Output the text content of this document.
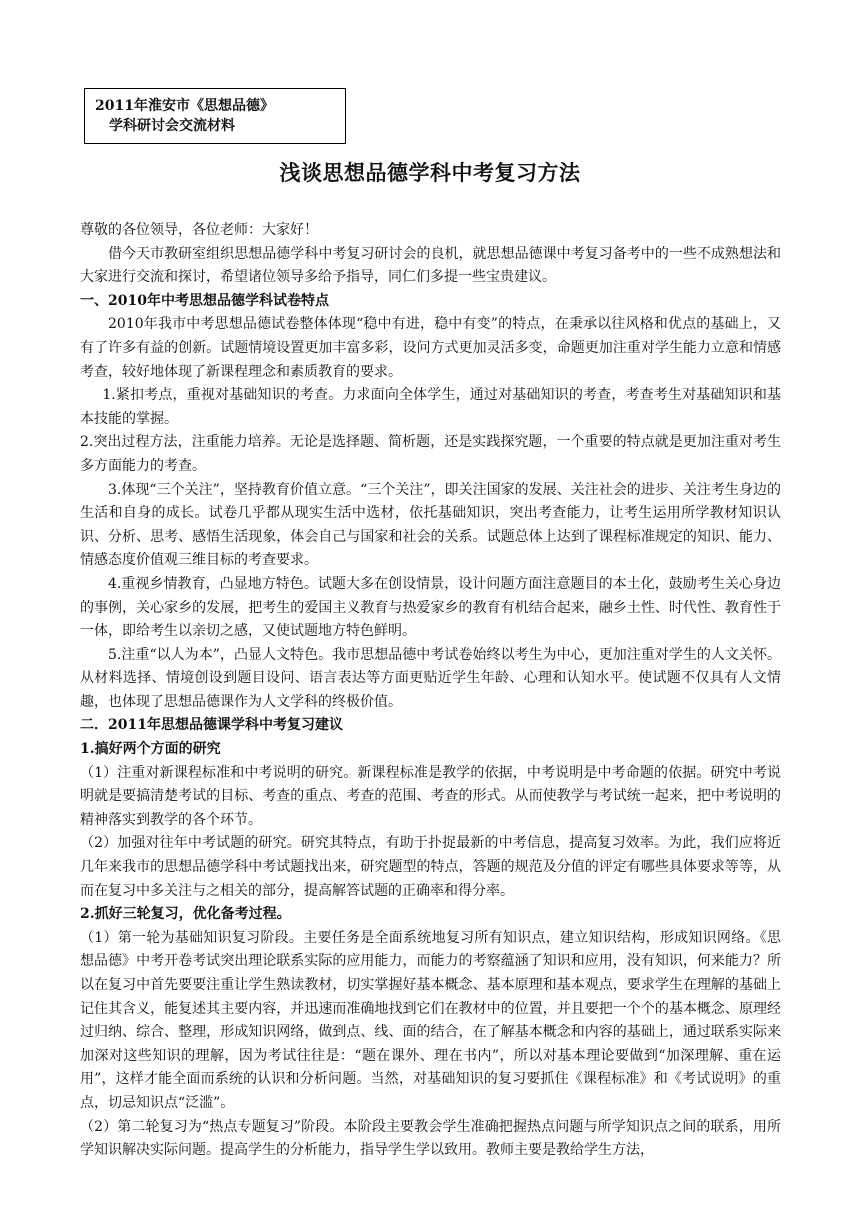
2011年淮安市《思想品德》
学科研讨会交流材料
浅谈思想品德学科中考复习方法

尊敬的各位领导，各位老师：大家好！

借今天市教研室组织思想品德学科中考复习研讨会的良机，就思想品德课中考复习备考中的一些不成熟想法和大家进行交流和探讨，希望诸位领导多给予指导，同仁们多提一些宝贵建议。

一、2010年中考思想品德学科试卷特点

2010年我市中考思想品德试卷整体体现“稳中有进，稳中有变”的特点，在秉承以往风格和优点的基础上，又有了许多有益的创新。试题情境设置更加丰富多彩，设问方式更加灵活多变，命题更加注重对学生能力立意和情感考查，较好地体现了新课程理念和素质教育的要求。

1.紧扣考点，重视对基础知识的考查。力求面向全体学生，通过对基础知识的考查，考查考生对基础知识和基本技能的掌握。

2.突出过程方法，注重能力培养。无论是选择题、简析题，还是实践探究题，一个重要的特点就是更加注重对考生多方面能力的考查。

3.体现“三个关注”，坚持教育价值立意。“三个关注”，即关注国家的发展、关注社会的进步、关注考生身边的生活和自身的成长。试卷几乎都从现实生活中选材，依托基础知识，突出考查能力，让考生运用所学教材知识认识、分析、思考、感悟生活现象，体会自己与国家和社会的关系。试题总体上达到了课程标准规定的知识、能力、情感态度价值观三维目标的考查要求。

4.重视乡情教育，凸显地方特色。试题大多在创设情景，设计问题方面注意题目的本土化，鼓励考生关心身边的事例，关心家乡的发展，把考生的爱国主义教育与热爱家乡的教育有机结合起来，融乡土性、时代性、教育性于一体，即给考生以亲切之感，又使试题地方特色鲜明。

5.注重“以人为本”，凸显人文特色。我市思想品德中考试卷始终以考生为中心，更加注重对学生的人文关怀。从材料选择、情境创设到题目设问、语言表达等方面更贴近学生年龄、心理和认知水平。使试题不仅具有人文情趣，也体现了思想品德课作为人文学科的终极价值。

二．2011年思想品德课学科中考复习建议

1.搞好两个方面的研究

（1）注重对新课程标准和中考说明的研究。新课程标准是教学的依据，中考说明是中考命题的依据。研究中考说明就是要搞清楚考试的目标、考查的重点、考查的范围、考查的形式。从而使教学与考试统一起来，把中考说明的精神落实到教学的各个环节。

（2）加强对往年中考试题的研究。研究其特点，有助于扑捉最新的中考信息，提高复习效率。为此，我们应将近几年来我市的思想品德学科中考试题找出来，研究题型的特点，答题的规范及分值的评定有哪些具体要求等等，从而在复习中多关注与之相关的部分，提高解答试题的正确率和得分率。

2.抓好三轮复习，优化备考过程。

（1）第一轮为基础知识复习阶段。主要任务是全面系统地复习所有知识点，建立知识结构，形成知识网络。《思想品德》中考开卷考试突出理论联系实际的应用能力，而能力的考察蕴涵了知识和应用，没有知识，何来能力？所以在复习中首先要要注重让学生熟读教材，切实掌握好基本概念、基本原理和基本观点，要求学生在理解的基础上记住其含义，能复述其主要内容，并迅速而准确地找到它们在教材中的位置，并且要把一个个的基本概念、原理经过归纳、综合、整理，形成知识网络，做到点、线、面的结合，在了解基本概念和内容的基础上，通过联系实际来加深对这些知识的理解，因为考试往往是：“题在课外、理在书内”，所以对基本理论要做到“加深理解、重在运用”，这样才能全面而系统的认识和分析问题。当然，对基础知识的复习要抓住《课程标准》和《考试说明》的重点，切忌知识点“泛滥”。

（2）第二轮复习为“热点专题复习”阶段。本阶段主要教会学生准确把握热点问题与所学知识点之间的联系，用所学知识解决实际问题。提高学生的分析能力，指导学生学以致用。教师主要是教给学生方法，
